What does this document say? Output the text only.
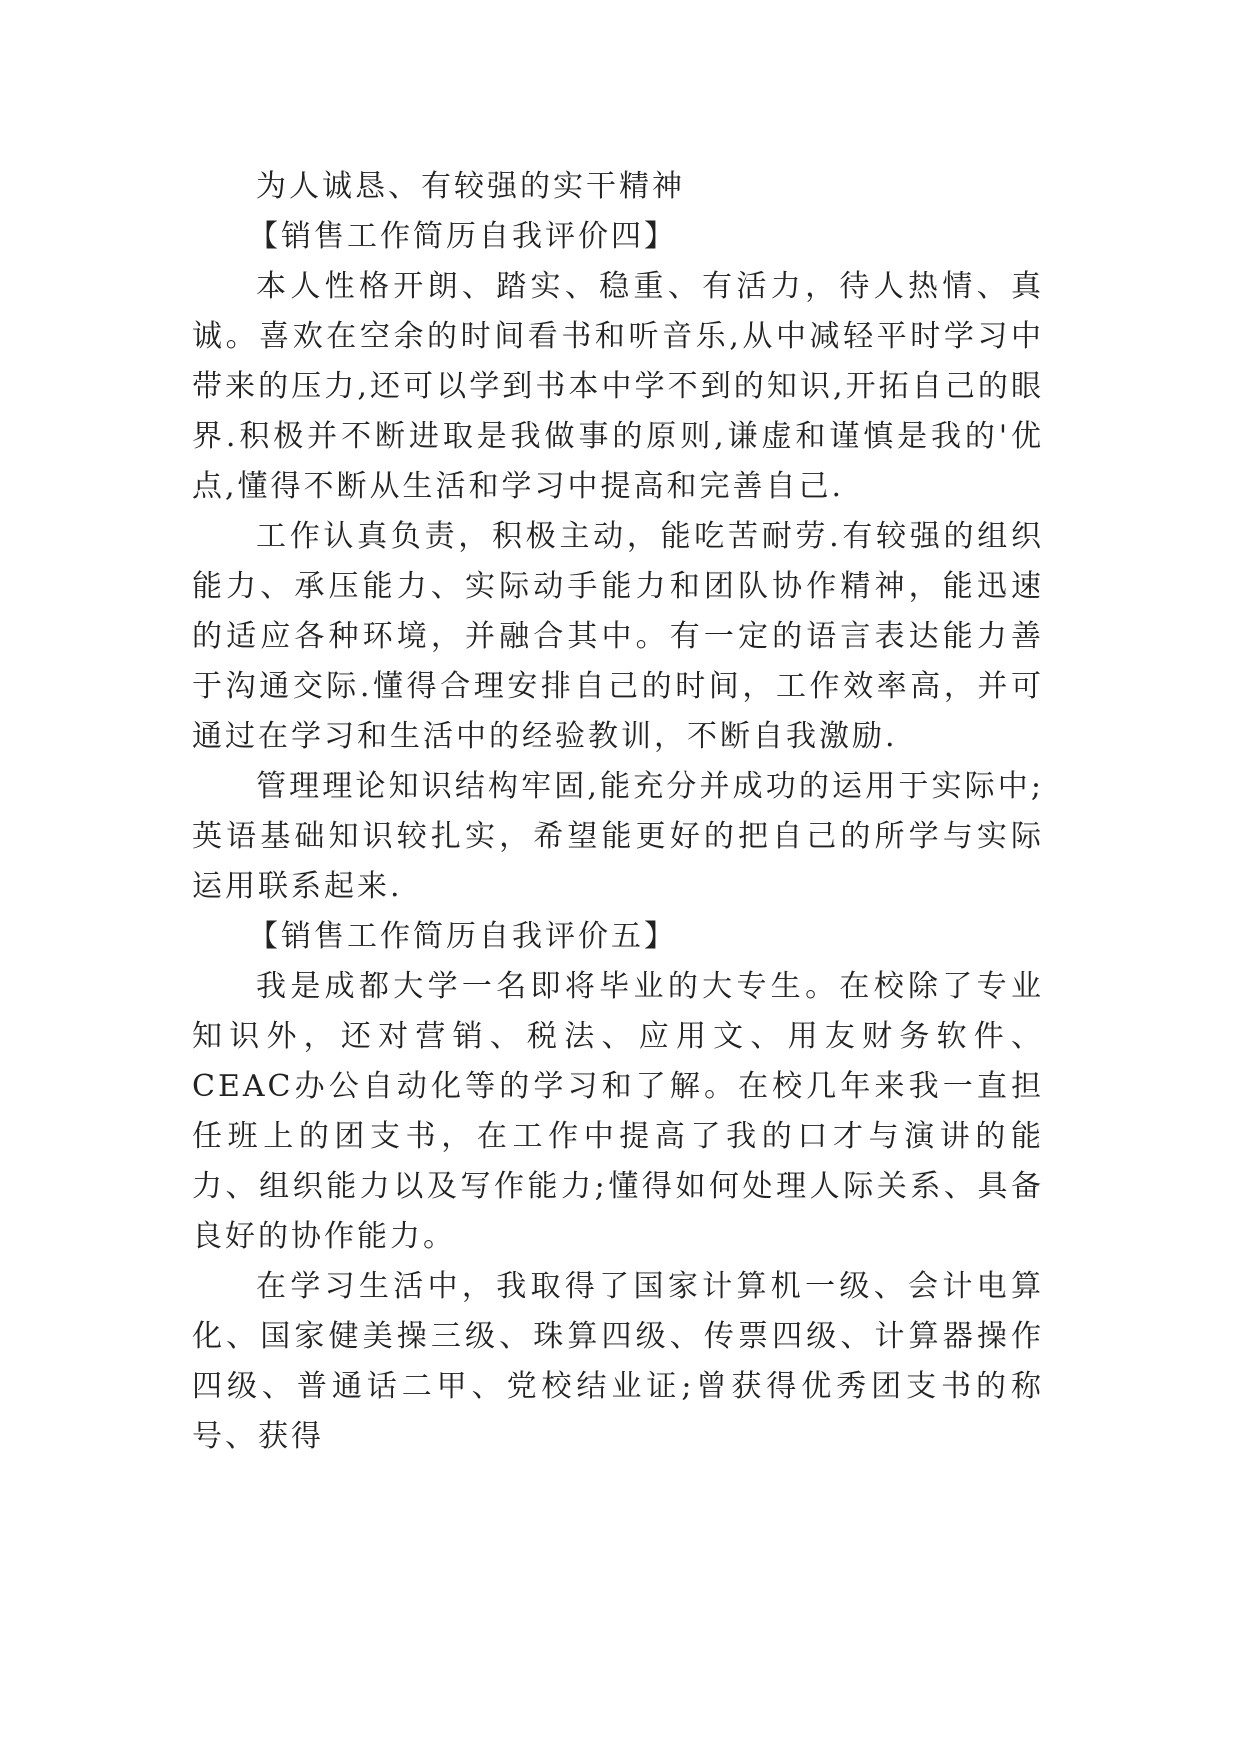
为人诚恳、有较强的实干精神

【销售工作简历自我评价四】

本人性格开朗、踏实、稳重、有活力，待人热情、真诚。喜欢在空余的时间看书和听音乐,从中减轻平时学习中带来的压力,还可以学到书本中学不到的知识,开拓自己的眼界.积极并不断进取是我做事的原则,谦虚和谨慎是我的'优点,懂得不断从生活和学习中提高和完善自己.

工作认真负责，积极主动，能吃苦耐劳.有较强的组织能力、承压能力、实际动手能力和团队协作精神，能迅速的适应各种环境，并融合其中。有一定的语言表达能力善于沟通交际.懂得合理安排自己的时间，工作效率高，并可通过在学习和生活中的经验教训，不断自我激励.

管理理论知识结构牢固,能充分并成功的运用于实际中;英语基础知识较扎实，希望能更好的把自己的所学与实际运用联系起来.

【销售工作简历自我评价五】

我是成都大学一名即将毕业的大专生。在校除了专业知识外，还对营销、税法、应用文、用友财务软件、CEAC办公自动化等的学习和了解。在校几年来我一直担任班上的团支书，在工作中提高了我的口才与演讲的能力、组织能力以及写作能力;懂得如何处理人际关系、具备良好的协作能力。

在学习生活中，我取得了国家计算机一级、会计电算化、国家健美操三级、珠算四级、传票四级、计算器操作四级、普通话二甲、党校结业证;曾获得优秀团支书的称号、获得
